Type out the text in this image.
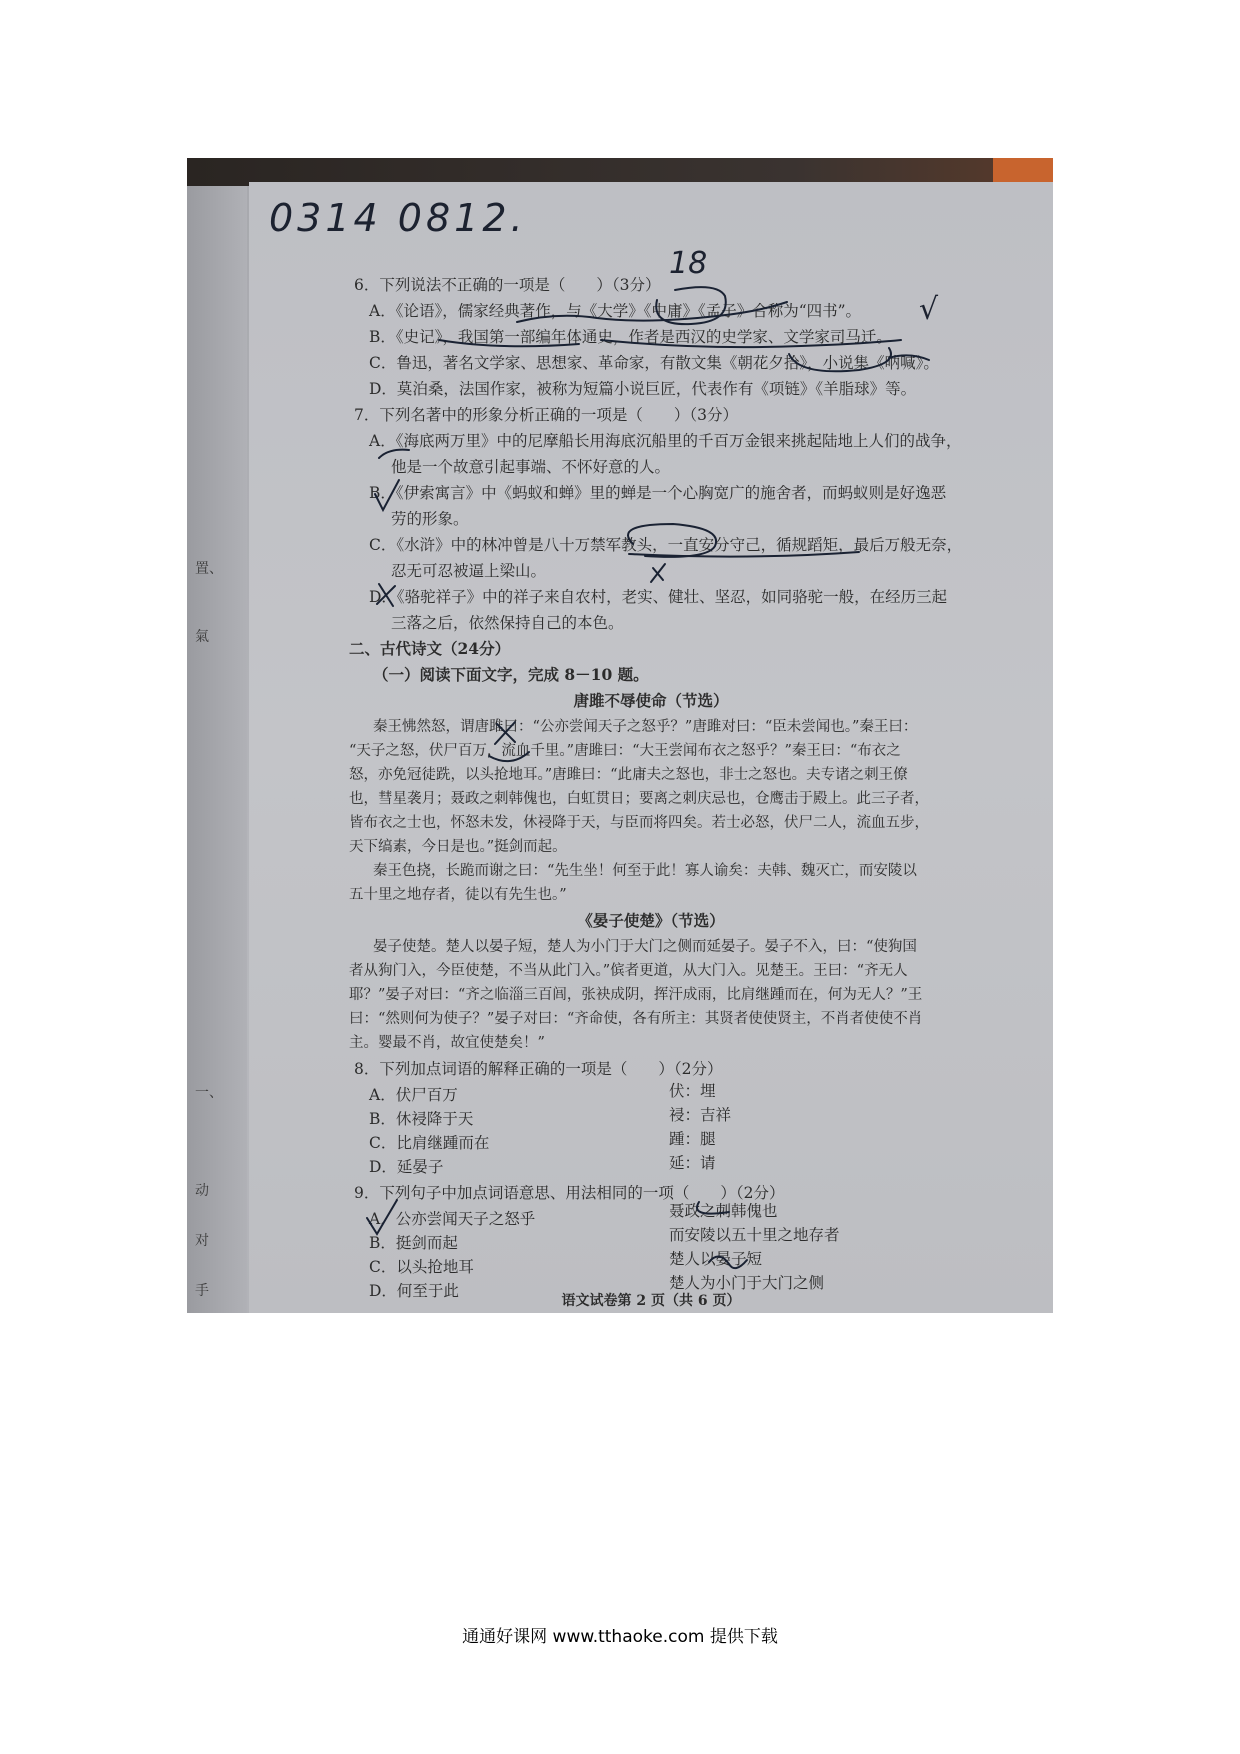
置、
氣
一、
动
对
手
0314 0812.
18
√
6．下列说法不正确的一项是（　　）（3分）
A．《论语》，儒家经典著作，与《大学》《中庸》《孟子》合称为“四书”。
B．《史记》，我国第一部编年体通史，作者是西汉的史学家、文学家司马迁。
C．鲁迅，著名文学家、思想家、革命家，有散文集《朝花夕拾》，小说集《呐喊》。
D．莫泊桑，法国作家，被称为短篇小说巨匠，代表作有《项链》《羊脂球》等。
7．下列名著中的形象分析正确的一项是（　　）（3分）
A．《海底两万里》中的尼摩船长用海底沉船里的千百万金银来挑起陆地上人们的战争，
他是一个故意引起事端、不怀好意的人。
B．《伊索寓言》中《蚂蚁和蝉》里的蝉是一个心胸宽广的施舍者，而蚂蚁则是好逸恶
劳的形象。
C．《水浒》中的林冲曾是八十万禁军教头，一直安分守己，循规蹈矩，最后万般无奈，
忍无可忍被逼上梁山。
D．《骆驼祥子》中的祥子来自农村，老实、健壮、坚忍，如同骆驼一般，在经历三起
三落之后，依然保持自己的本色。
二、古代诗文（24分）
（一）阅读下面文字，完成 8－10 题。
唐雎不辱使命（节选）
秦王怫然怒，谓唐雎曰：“公亦尝闻天子之怒乎？”唐雎对曰：“臣未尝闻也。”秦王曰：
“天子之怒，伏尸百万，流血千里。”唐雎曰：“大王尝闻布衣之怒乎？”秦王曰：“布衣之
怒，亦免冠徒跣，以头抢地耳。”唐雎曰：“此庸夫之怒也，非士之怒也。夫专诸之刺王僚
也，彗星袭月；聂政之刺韩傀也，白虹贯日；要离之刺庆忌也，仓鹰击于殿上。此三子者，
皆布衣之士也，怀怒未发，休祲降于天，与臣而将四矣。若士必怒，伏尸二人，流血五步，
天下缟素，今日是也。”挺剑而起。
秦王色挠，长跪而谢之曰：“先生坐！何至于此！寡人谕矣：夫韩、魏灭亡，而安陵以
五十里之地存者，徒以有先生也。”
《晏子使楚》（节选）
晏子使楚。楚人以晏子短，楚人为小门于大门之侧而延晏子。晏子不入，曰：“使狗国
者从狗门入，今臣使楚，不当从此门入。”傧者更道，从大门入。见楚王。王曰：“齐无人
耶？”晏子对曰：“齐之临淄三百闾，张袂成阴，挥汗成雨，比肩继踵而在，何为无人？”王
曰：“然则何为使子？”晏子对曰：“齐命使，各有所主：其贤者使使贤主，不肖者使使不肖
主。婴最不肖，故宜使楚矣！”
8．下列加点词语的解释正确的一项是（　　）（2分）
A．伏尸百万	伏：埋
B．休祲降于天	祲：吉祥
C．比肩继踵而在	踵：腿
D．延晏子	延：请
9．下列句子中加点词语意思、用法相同的一项（　　）（2分）
A．公亦尝闻天子之怒乎	聂政之刺韩傀也
B．挺剑而起	而安陵以五十里之地存者
C．以头抢地耳	楚人以晏子短
D．何至于此	楚人为小门于大门之侧
语文试卷第 2 页（共 6 页）
通通好课网 www.tthaoke.com 提供下载
